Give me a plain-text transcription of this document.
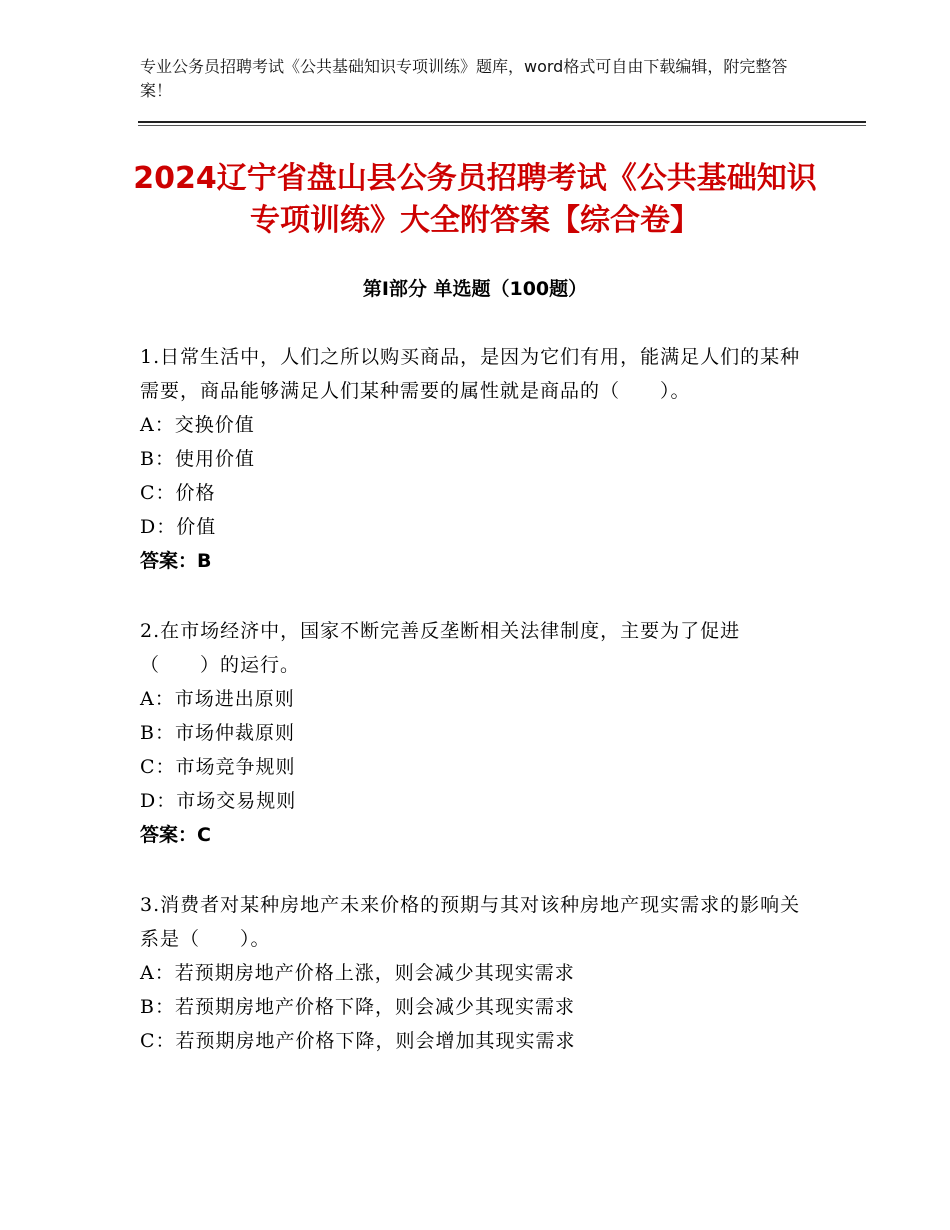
专业公务员招聘考试《公共基础知识专项训练》题库，word格式可自由下载编辑，附完整答案！
2024辽宁省盘山县公务员招聘考试《公共基础知识专项训练》大全附答案【综合卷】
第Ⅰ部分 单选题（100题）
1.日常生活中，人们之所以购买商品，是因为它们有用，能满足人们的某种需要，商品能够满足人们某种需要的属性就是商品的（　　）。
A：交换价值
B：使用价值
C：价格
D：价值
答案：B
2.在市场经济中，国家不断完善反垄断相关法律制度，主要为了促进（　　）的运行。
A：市场进出原则
B：市场仲裁原则
C：市场竞争规则
D：市场交易规则
答案：C
3.消费者对某种房地产未来价格的预期与其对该种房地产现实需求的影响关系是（　　）。
A：若预期房地产价格上涨，则会减少其现实需求
B：若预期房地产价格下降，则会减少其现实需求
C：若预期房地产价格下降，则会增加其现实需求
